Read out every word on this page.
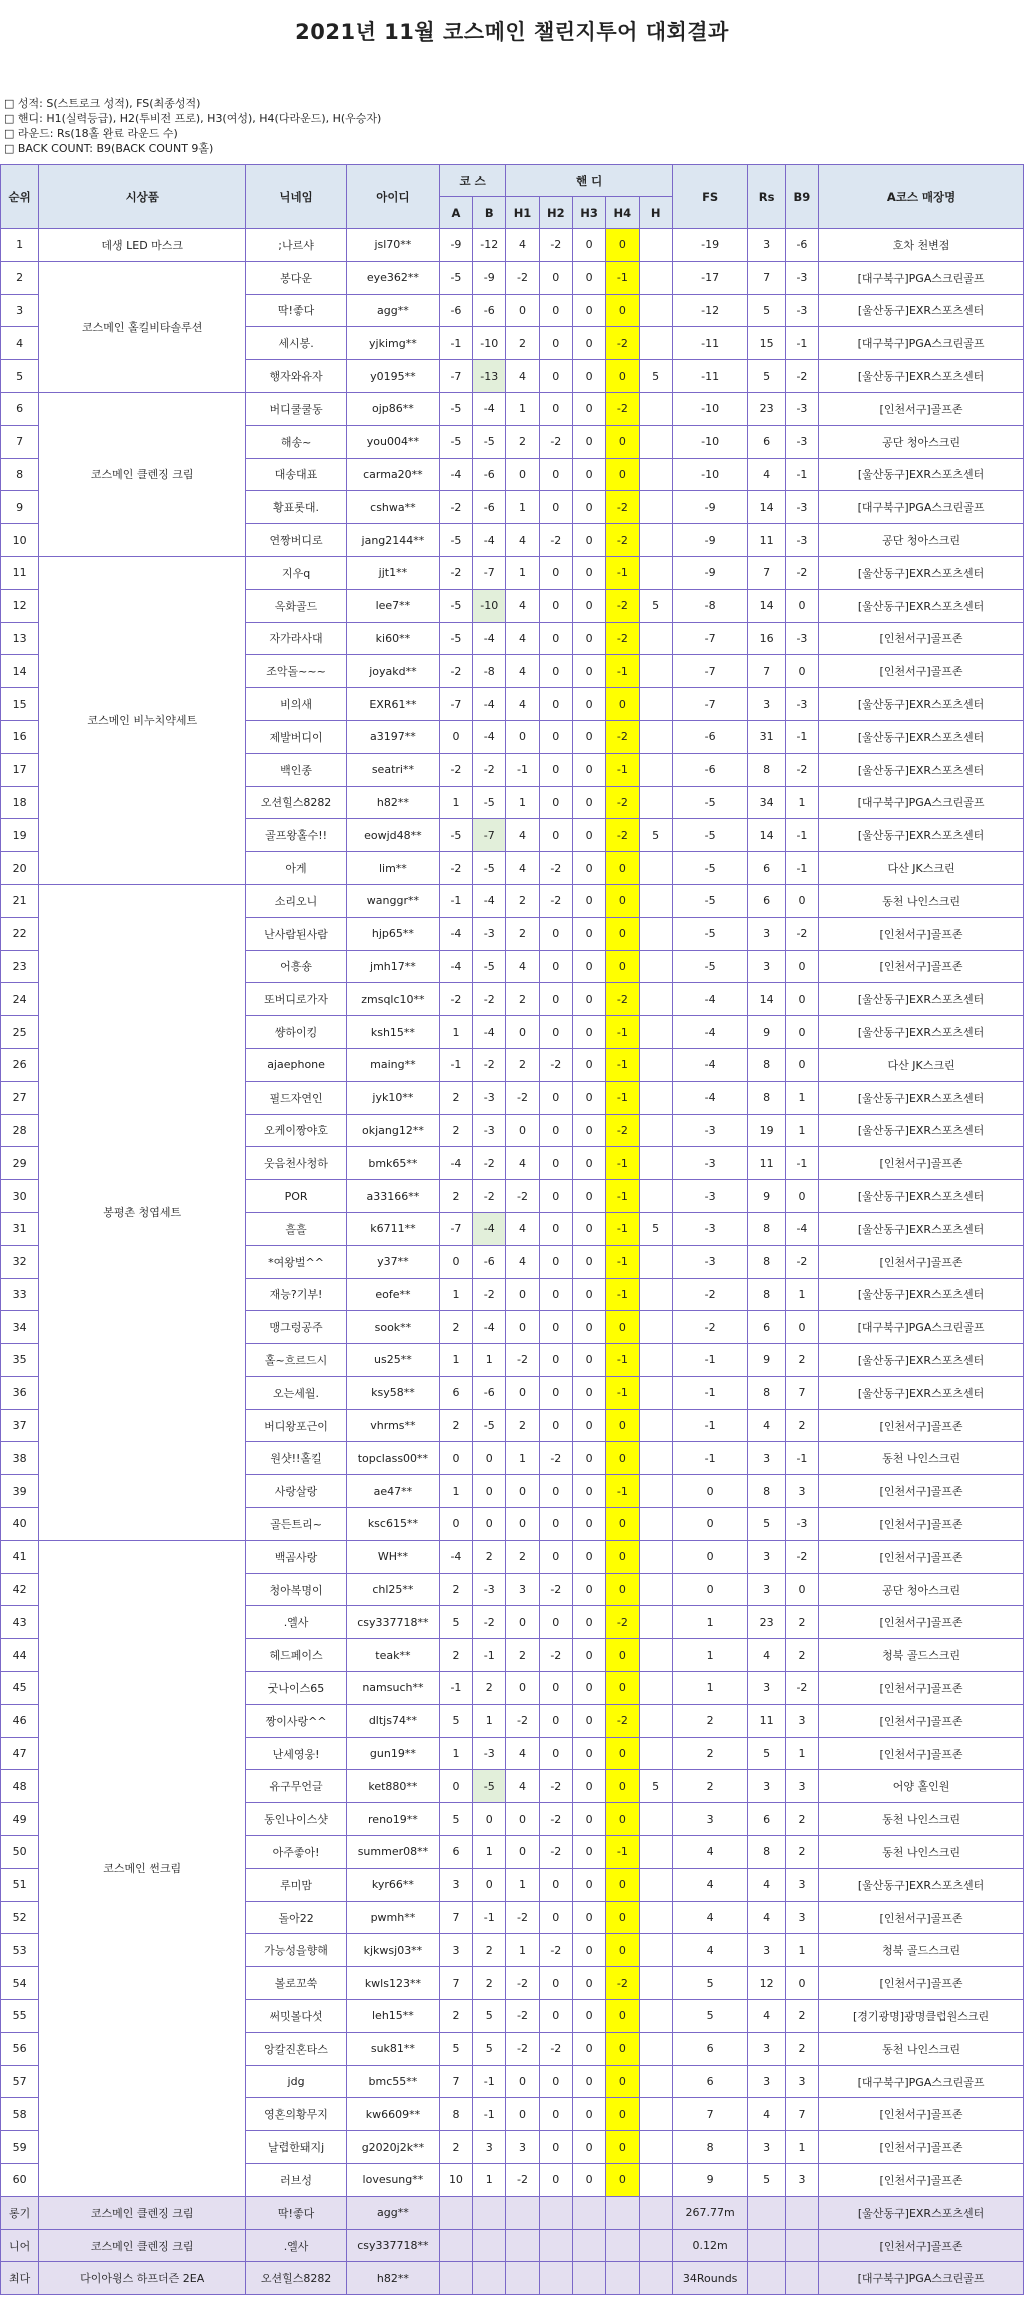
2021년 11월 코스메인 챌린지투어 대회결과
□ 성적: S(스트로크 성적), FS(최종성적)
□ 핸디: H1(실력등급), H2(투비전 프로), H3(여성), H4(다라운드), H(우승자)
□ 라운드: Rs(18홀 완료 라운드 수)
□ BACK COUNT: B9(BACK COUNT 9홀)
순위	시상품	닉네임	아이디	코 스		핸 디					FS	Rs	B9	A코스 매장명
				A	B	H1	H2	H3	H4	H				
1	데생 LED 마스크	;나르샤	jsl70**	-9	-12	4	-2	0	0		-19	3	-6	호차 천변점
2	코스메인 홀킬비타솔루션	봉다운	eye362**	-5	-9	-2	0	0	-1		-17	7	-3	[대구북구]PGA스크린골프
3		딱!좋다	agg**	-6	-6	0	0	0	0		-12	5	-3	[울산동구]EXR스포츠센터
4		세시봉.	yjkimg**	-1	-10	2	0	0	-2		-11	15	-1	[대구북구]PGA스크린골프
5		행자와유자	y0195**	-7	-13	4	0	0	0	5	-11	5	-2	[울산동구]EXR스포츠센터
6	코스메인 클렌징 크림	버디쿨쿨동	ojp86**	-5	-4	1	0	0	-2		-10	23	-3	[인천서구]골프존
7		해송~	you004**	-5	-5	2	-2	0	0		-10	6	-3	공단 청아스크린
8		대송대표	carma20**	-4	-6	0	0	0	0		-10	4	-1	[울산동구]EXR스포츠센터
9		황표롯대.	cshwa**	-2	-6	1	0	0	-2		-9	14	-3	[대구북구]PGA스크린골프
10		연짱버디로	jang2144**	-5	-4	4	-2	0	-2		-9	11	-3	공단 청아스크린
11	코스메인 비누치약세트	지우q	jjt1**	-2	-7	1	0	0	-1		-9	7	-2	[울산동구]EXR스포츠센터
12		옥화골드	lee7**	-5	-10	4	0	0	-2	5	-8	14	0	[울산동구]EXR스포츠센터
13		자가라사대	ki60**	-5	-4	4	0	0	-2		-7	16	-3	[인천서구]골프존
14		조악돌~~~	joyakd**	-2	-8	4	0	0	-1		-7	7	0	[인천서구]골프존
15		비의새	EXR61**	-7	-4	4	0	0	0		-7	3	-3	[울산동구]EXR스포츠센터
16		제발버디이	a3197**	0	-4	0	0	0	-2		-6	31	-1	[울산동구]EXR스포츠센터
17		백인종	seatri**	-2	-2	-1	0	0	-1		-6	8	-2	[울산동구]EXR스포츠센터
18		오션힐스8282	h82**	1	-5	1	0	0	-2		-5	34	1	[대구북구]PGA스크린골프
19		골프왕홀수!!	eowjd48**	-5	-7	4	0	0	-2	5	-5	14	-1	[울산동구]EXR스포츠센터
20		아게	lim**	-2	-5	4	-2	0	0		-5	6	-1	다산 JK스크린
21	봉평촌 청엽세트	소리오니	wanggr**	-1	-4	2	-2	0	0		-5	6	0	동천 나인스크린
22		난사람된사람	hjp65**	-4	-3	2	0	0	0		-5	3	-2	[인천서구]골프존
23		어흥숑	jmh17**	-4	-5	4	0	0	0		-5	3	0	[인천서구]골프존
24		또버디로가자	zmsqlc10**	-2	-2	2	0	0	-2		-4	14	0	[울산동구]EXR스포츠센터
25		썅하이킹	ksh15**	1	-4	0	0	0	-1		-4	9	0	[울산동구]EXR스포츠센터
26		ajaephone	maing**	-1	-2	2	-2	0	-1		-4	8	0	다산 JK스크린
27		필드자연인	jyk10**	2	-3	-2	0	0	-1		-4	8	1	[울산동구]EXR스포츠센터
28		오케이짱야호	okjang12**	2	-3	0	0	0	-2		-3	19	1	[울산동구]EXR스포츠센터
29		웃음천사청하	bmk65**	-4	-2	4	0	0	-1		-3	11	-1	[인천서구]골프존
30		POR	a33166**	2	-2	-2	0	0	-1		-3	9	0	[울산동구]EXR스포츠센터
31		흘흘	k6711**	-7	-4	4	0	0	-1	5	-3	8	-4	[울산동구]EXR스포츠센터
32		*여왕벌^^	y37**	0	-6	4	0	0	-1		-3	8	-2	[인천서구]골프존
33		재능?기부!	eofe**	1	-2	0	0	0	-1		-2	8	1	[울산동구]EXR스포츠센터
34		맹그렁공주	sook**	2	-4	0	0	0	0		-2	6	0	[대구북구]PGA스크린골프
35		홀~흐르드시	us25**	1	1	-2	0	0	-1		-1	9	2	[울산동구]EXR스포츠센터
36		오는세월.	ksy58**	6	-6	0	0	0	-1		-1	8	7	[울산동구]EXR스포츠센터
37		버디왕포근이	vhrms**	2	-5	2	0	0	0		-1	4	2	[인천서구]골프존
38		원샷!!홀킬	topclass00**	0	0	1	-2	0	0		-1	3	-1	동천 나인스크린
39		사랑살랑	ae47**	1	0	0	0	0	-1		0	8	3	[인천서구]골프존
40		골든트리~	ksc615**	0	0	0	0	0	0		0	5	-3	[인천서구]골프존
41	코스메인 썬크림	백곰사랑	WH**	-4	2	2	0	0	0		0	3	-2	[인천서구]골프존
42		청아복명이	chl25**	2	-3	3	-2	0	0		0	3	0	공단 청아스크린
43		.엘사	csy337718**	5	-2	0	0	0	-2		1	23	2	[인천서구]골프존
44		헤드페이스	teak**	2	-1	2	-2	0	0		1	4	2	청북 골드스크린
45		굿나이스65	namsuch**	-1	2	0	0	0	0		1	3	-2	[인천서구]골프존
46		짱이사랑^^	dltjs74**	5	1	-2	0	0	-2		2	11	3	[인천서구]골프존
47		난세영웅!	gun19**	1	-3	4	0	0	0		2	5	1	[인천서구]골프존
48		유구무언글	ket880**	0	-5	4	-2	0	0	5	2	3	3	어양 홀인원
49		동인나이스샷	reno19**	5	0	0	-2	0	0		3	6	2	동천 나인스크린
50		아주좋아!	summer08**	6	1	0	-2	0	-1		4	8	2	동천 나인스크린
51		루미맘	kyr66**	3	0	1	0	0	0		4	4	3	[울산동구]EXR스포츠센터
52		돌아22	pwmh**	7	-1	-2	0	0	0		4	4	3	[인천서구]골프존
53		가능성을향해	kjkwsj03**	3	2	1	-2	0	0		4	3	1	청북 골드스크린
54		볼로꼬쑥	kwls123**	7	2	-2	0	0	-2		5	12	0	[인천서구]골프존
55		써밋볼다섯	leh15**	2	5	-2	0	0	0		5	4	2	[경기광명]광명클럽원스크린
56		앙칼진혼타스	suk81**	5	5	-2	-2	0	0		6	3	2	동천 나인스크린
57		jdg	bmc55**	7	-1	0	0	0	0		6	3	3	[대구북구]PGA스크린골프
58		영혼의황무지	kw6609**	8	-1	0	0	0	0		7	4	7	[인천서구]골프존
59		날렵한돼지j	g2020j2k**	2	3	3	0	0	0		8	3	1	[인천서구]골프존
60		러브성	lovesung**	10	1	-2	0	0	0		9	5	3	[인천서구]골프존
롱기	코스메인 클렌징 크림	딱!좋다	agg**								267.77m			[울산동구]EXR스포츠센터
니어	코스메인 클렌징 크림	.엘사	csy337718**								0.12m			[인천서구]골프존
최다	다이아윙스 하프더즌 2EA	오션힐스8282	h82**								34Rounds			[대구북구]PGA스크린골프
